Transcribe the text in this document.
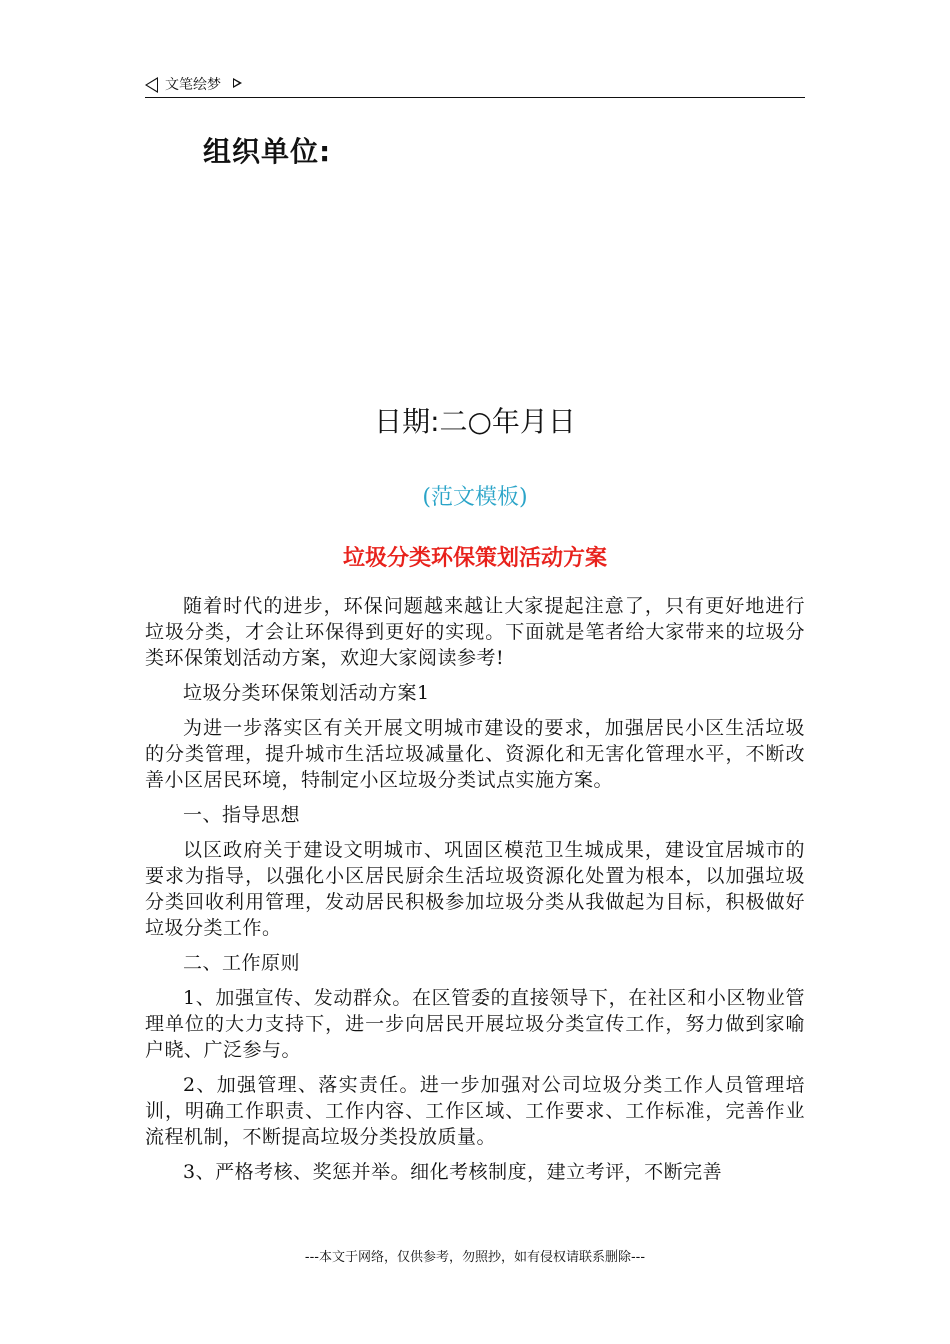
文笔绘梦
组织单位:
日期:二○年月日
(范文模板)
垃圾分类环保策划活动方案

随着时代的进步，环保问题越来越让大家提起注意了，只有更好地进行垃圾分类，才会让环保得到更好的实现。下面就是笔者给大家带来的垃圾分类环保策划活动方案，欢迎大家阅读参考!

垃圾分类环保策划活动方案1

为进一步落实区有关开展文明城市建设的要求，加强居民小区生活垃圾的分类管理，提升城市生活垃圾减量化、资源化和无害化管理水平，不断改善小区居民环境，特制定小区垃圾分类试点实施方案。

一、指导思想

以区政府关于建设文明城市、巩固区模范卫生城成果，建设宜居城市的要求为指导，以强化小区居民厨余生活垃圾资源化处置为根本，以加强垃圾分类回收利用管理，发动居民积极参加垃圾分类从我做起为目标，积极做好垃圾分类工作。

二、工作原则

1、加强宣传、发动群众。在区管委的直接领导下，在社区和小区物业管理单位的大力支持下，进一步向居民开展垃圾分类宣传工作，努力做到家喻户晓、广泛参与。

2、加强管理、落实责任。进一步加强对公司垃圾分类工作人员管理培训，明确工作职责、工作内容、工作区域、工作要求、工作标准，完善作业流程机制，不断提高垃圾分类投放质量。

3、严格考核、奖惩并举。细化考核制度，建立考评，不断完善

---本文于网络，仅供参考，勿照抄，如有侵权请联系删除---
